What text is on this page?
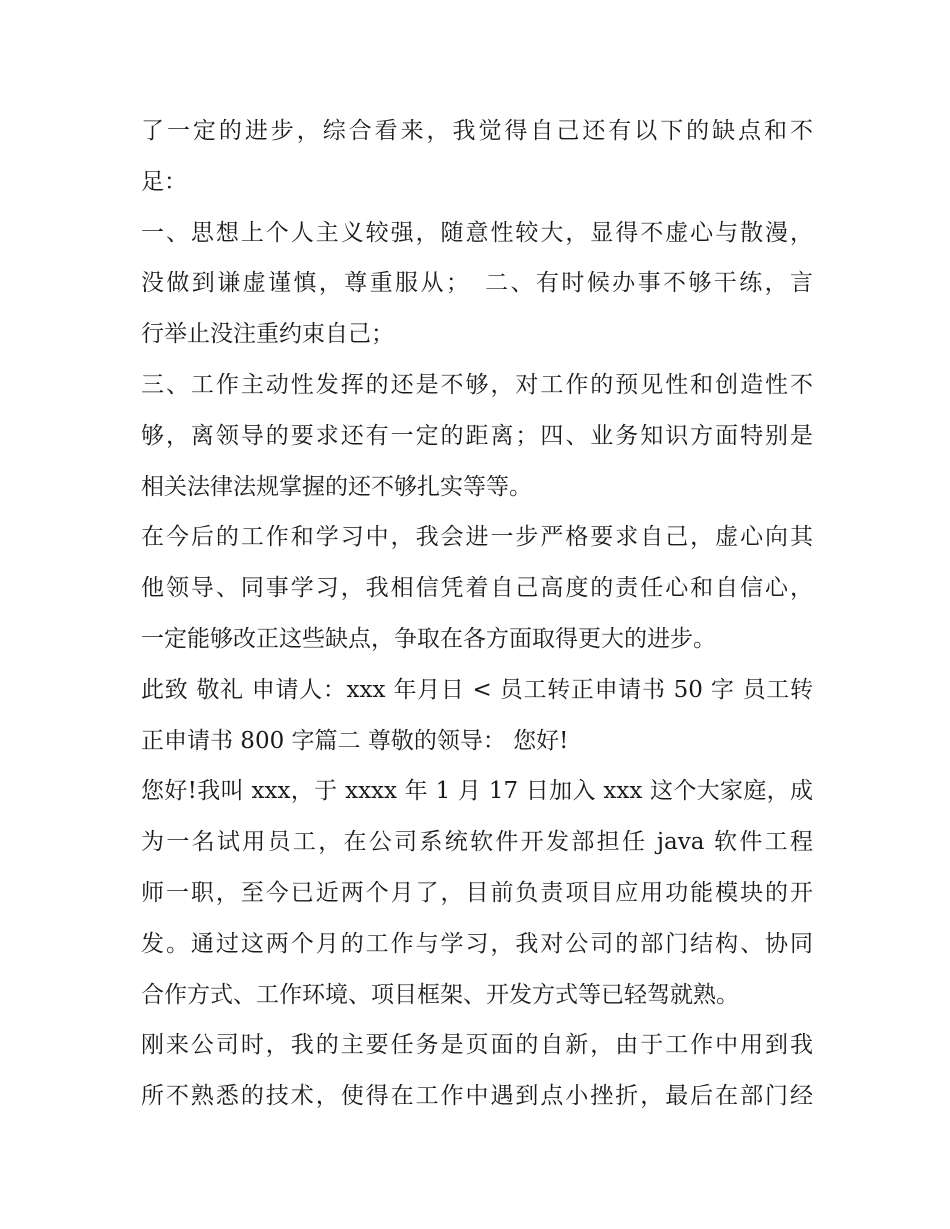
了一定的进步，综合看来，我觉得自己还有以下的缺点和不
足：
一、思想上个人主义较强，随意性较大，显得不虚心与散漫，
没做到谦虚谨慎，尊重服从；　二、有时候办事不够干练，言
行举止没注重约束自己；
三、工作主动性发挥的还是不够，对工作的预见性和创造性不
够，离领导的要求还有一定的距离；四、业务知识方面特别是
相关法律法规掌握的还不够扎实等等。
在今后的工作和学习中，我会进一步严格要求自己，虚心向其
他领导、同事学习，我相信凭着自己高度的责任心和自信心，
一定能够改正这些缺点，争取在各方面取得更大的进步。
此致 敬礼 申请人：xxx 年月日 < 员工转正申请书 50 字 员工转
正申请书 800 字篇二 尊敬的领导： 您好!
您好!我叫 xxx，于 xxxx 年 1 月 17 日加入 xxx 这个大家庭，成
为一名试用员工，在公司系统软件开发部担任 java 软件工程
师一职，至今已近两个月了，目前负责项目应用功能模块的开
发。通过这两个月的工作与学习，我对公司的部门结构、协同
合作方式、工作环境、项目框架、开发方式等已轻驾就熟。
刚来公司时，我的主要任务是页面的自新，由于工作中用到我
所不熟悉的技术，使得在工作中遇到点小挫折，最后在部门经
